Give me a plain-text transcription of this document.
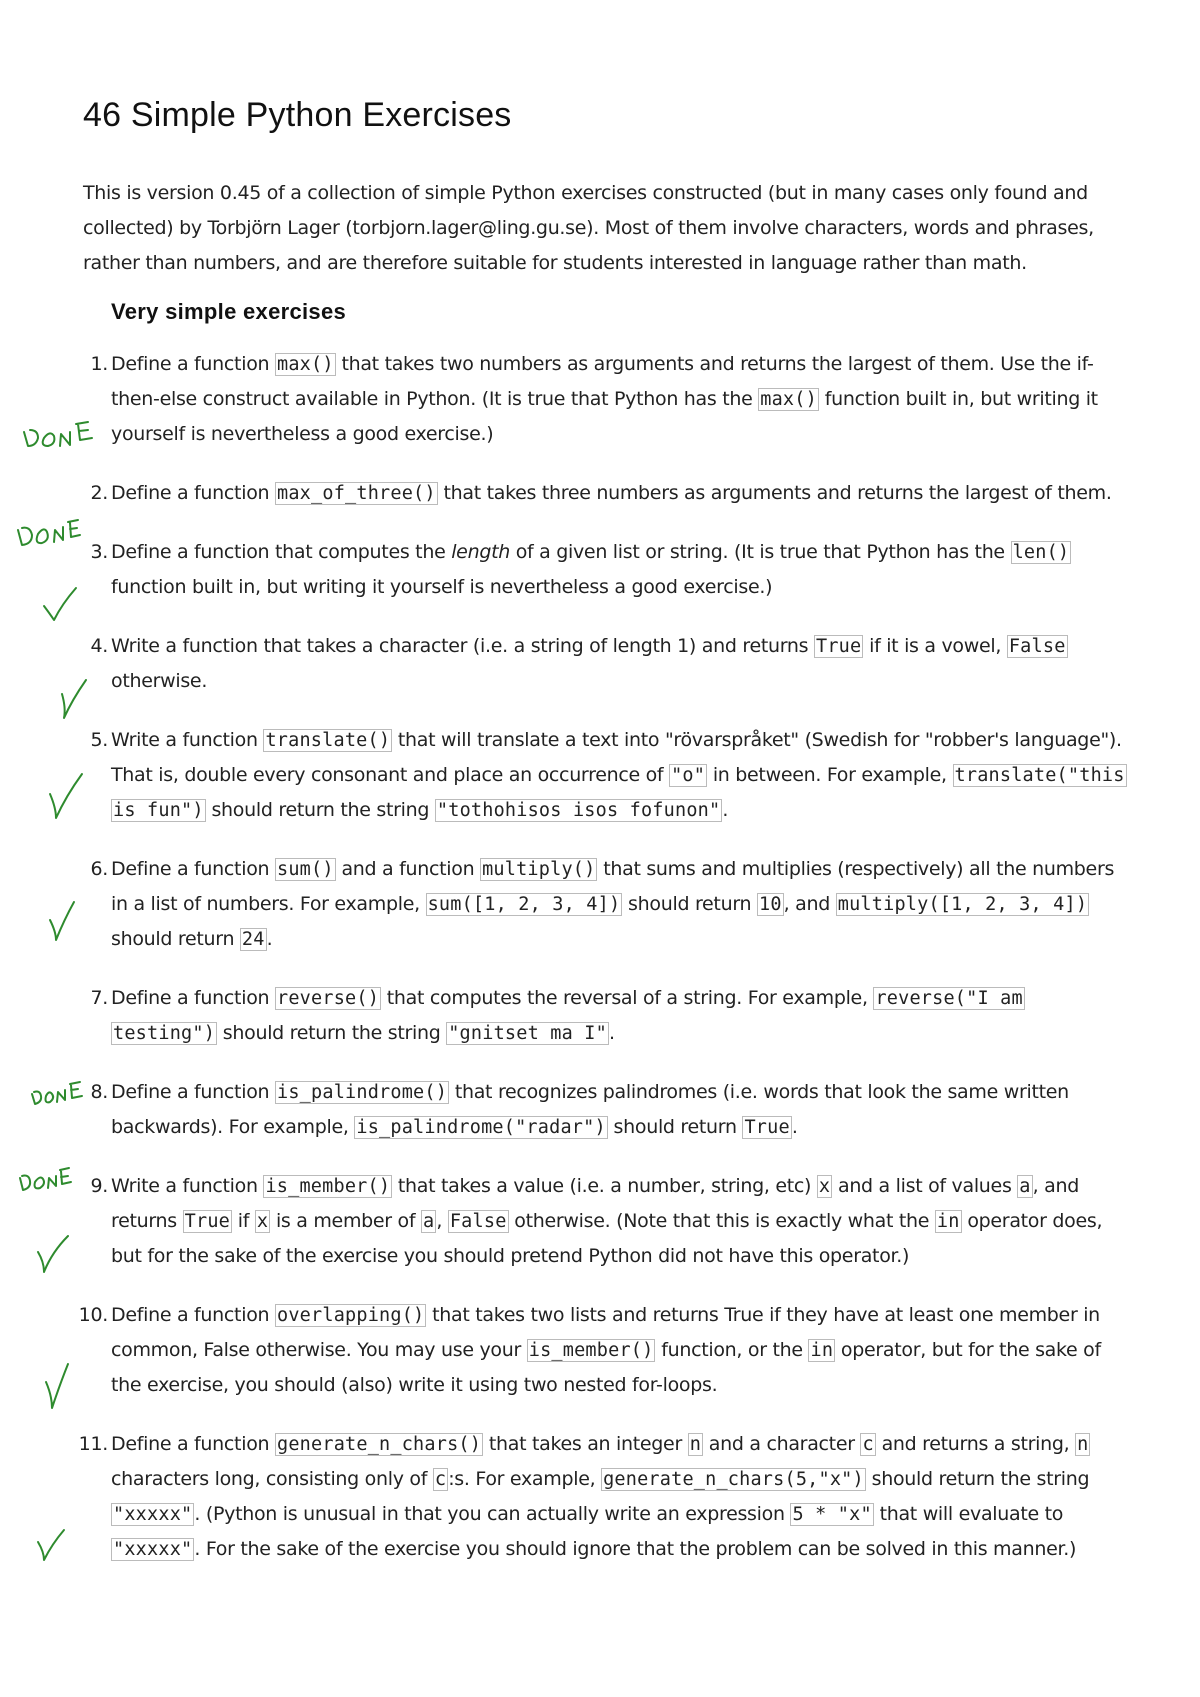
46 Simple Python Exercises

This is version 0.45 of a collection of simple Python exercises constructed (but in many cases only found and collected) by Torbjörn Lager (torbjorn.lager@ling.gu.se). Most of them involve characters, words and phrases, rather than numbers, and are therefore suitable for students interested in language rather than math.

Very simple exercises
1. Define a function max() that takes two numbers as arguments and returns the largest of them. Use the if-then-else construct available in Python. (It is true that Python has the max() function built in, but writing it yourself is nevertheless a good exercise.)
2. Define a function max_of_three() that takes three numbers as arguments and returns the largest of them.
3. Define a function that computes the length of a given list or string. (It is true that Python has the len() function built in, but writing it yourself is nevertheless a good exercise.)
4. Write a function that takes a character (i.e. a string of length 1) and returns True if it is a vowel, False otherwise.
5. Write a function translate() that will translate a text into "rövarspråket" (Swedish for "robber's language"). That is, double every consonant and place an occurrence of "o" in between. For example, translate("this is fun") should return the string "tothohisos isos fofunon" .
6. Define a function sum() and a function multiply() that sums and multiplies (respectively) all the numbers in a list of numbers. For example, sum([1, 2, 3, 4]) should return 10 , and multiply([1, 2, 3, 4]) should return 24 .
7. Define a function reverse() that computes the reversal of a string. For example, reverse("I am testing") should return the string "gnitset ma I" .
8. Define a function is_palindrome() that recognizes palindromes (i.e. words that look the same written backwards). For example, is_palindrome("radar") should return True .
9. Write a function is_member() that takes a value (i.e. a number, string, etc) x and a list of values a , and returns True if x is a member of a , False otherwise. (Note that this is exactly what the in operator does, but for the sake of the exercise you should pretend Python did not have this operator.)
10. Define a function overlapping() that takes two lists and returns True if they have at least one member in common, False otherwise. You may use your is_member() function, or the in operator, but for the sake of the exercise, you should (also) write it using two nested for-loops.
11. Define a function generate_n_chars() that takes an integer n and a character c and returns a string, n characters long, consisting only of c :s. For example, generate_n_chars(5,"x") should return the string "xxxxx" . (Python is unusual in that you can actually write an expression 5 * "x" that will evaluate to "xxxxx" . For the sake of the exercise you should ignore that the problem can be solved in this manner.)
